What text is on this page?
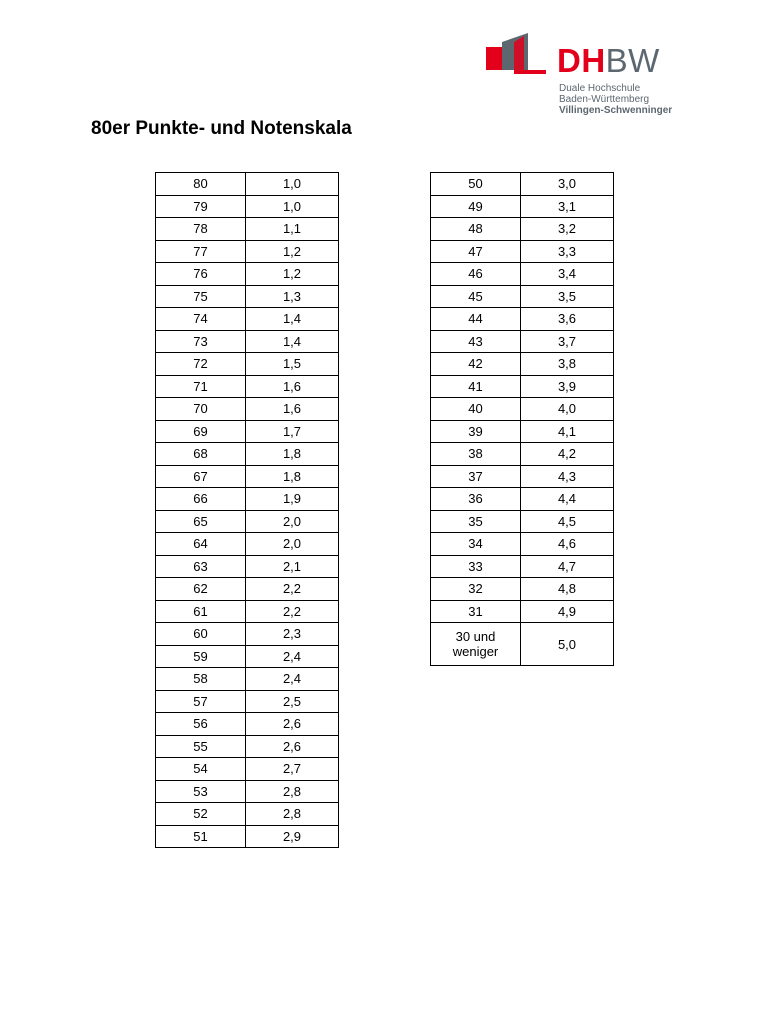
DHBW
Duale Hochschule
Baden-Württemberg
Villingen-Schwenninger
80er Punkte- und Notenskala
80	1,0
79	1,0
78	1,1
77	1,2
76	1,2
75	1,3
74	1,4
73	1,4
72	1,5
71	1,6
70	1,6
69	1,7
68	1,8
67	1,8
66	1,9
65	2,0
64	2,0
63	2,1
62	2,2
61	2,2
60	2,3
59	2,4
58	2,4
57	2,5
56	2,6
55	2,6
54	2,7
53	2,8
52	2,8
51	2,9
50	3,0
49	3,1
48	3,2
47	3,3
46	3,4
45	3,5
44	3,6
43	3,7
42	3,8
41	3,9
40	4,0
39	4,1
38	4,2
37	4,3
36	4,4
35	4,5
34	4,6
33	4,7
32	4,8
31	4,9
30 und
weniger	5,0
